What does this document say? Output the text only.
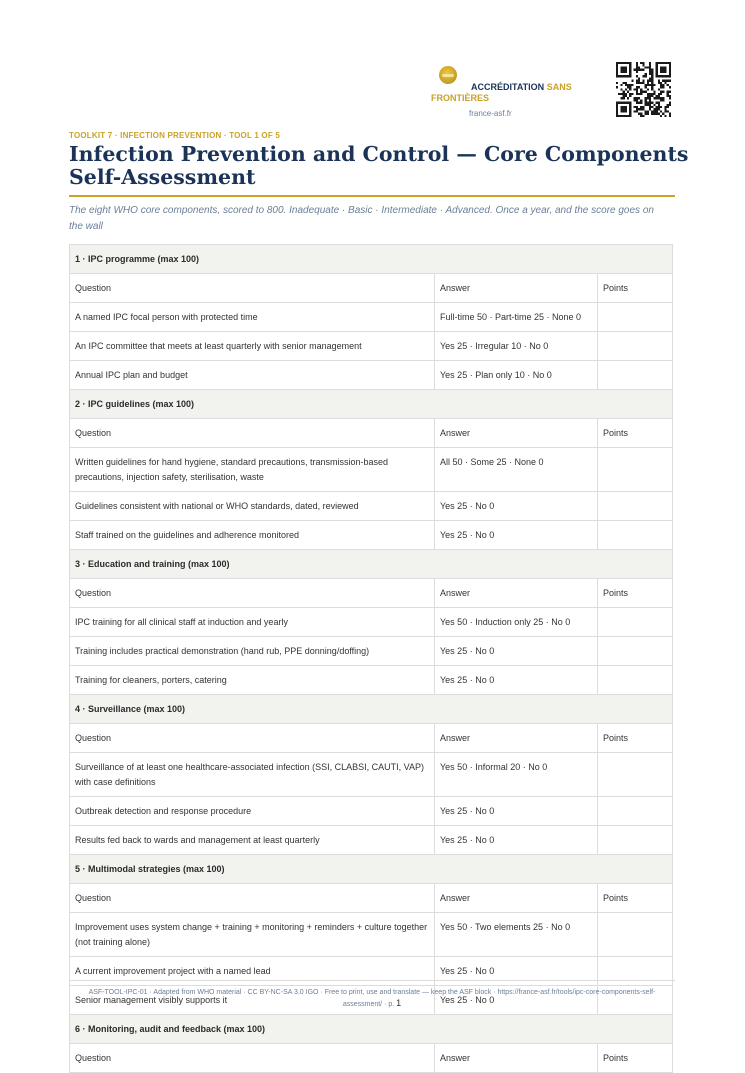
ACCRÉDITATION SANS
FRONTIÈRES
france-asf.fr
TOOLKIT 7 · INFECTION PREVENTION · TOOL 1 OF 5
Infection Prevention and Control — Core Components Self-Assessment

The eight WHO core components, scored to 800. Inadequate · Basic · Intermediate · Advanced. Once a year, and the score goes on the wall

1 · IPC programme (max 100)		
Question	Answer	Points
A named IPC focal person with protected time	Full-time 50 · Part-time 25 · None 0	
An IPC committee that meets at least quarterly with senior management	Yes 25 · Irregular 10 · No 0	
Annual IPC plan and budget	Yes 25 · Plan only 10 · No 0	
2 · IPC guidelines (max 100)		
Question	Answer	Points
Written guidelines for hand hygiene, standard precautions, transmission-based precautions, injection safety, sterilisation, waste	All 50 · Some 25 · None 0	
Guidelines consistent with national or WHO standards, dated, reviewed	Yes 25 · No 0	
Staff trained on the guidelines and adherence monitored	Yes 25 · No 0	
3 · Education and training (max 100)		
Question	Answer	Points
IPC training for all clinical staff at induction and yearly	Yes 50 · Induction only 25 · No 0	
Training includes practical demonstration (hand rub, PPE donning/doffing)	Yes 25 · No 0	
Training for cleaners, porters, catering	Yes 25 · No 0	
4 · Surveillance (max 100)		
Question	Answer	Points
Surveillance of at least one healthcare-associated infection (SSI, CLABSI, CAUTI, VAP) with case definitions	Yes 50 · Informal 20 · No 0	
Outbreak detection and response procedure	Yes 25 · No 0	
Results fed back to wards and management at least quarterly	Yes 25 · No 0	
5 · Multimodal strategies (max 100)		
Question	Answer	Points
Improvement uses system change + training + monitoring + reminders + culture together (not training alone)	Yes 50 · Two elements 25 · No 0	
A current improvement project with a named lead	Yes 25 · No 0	
Senior management visibly supports it	Yes 25 · No 0	
6 · Monitoring, audit and feedback (max 100)		
Question	Answer	Points
ASF-TOOL-IPC-01 · Adapted from WHO material · CC BY-NC-SA 3.0 IGO · Free to print, use and translate — keep the ASF block · https://france-asf.fr/tools/ipc-core-components-self-assessment/ · p. 1
